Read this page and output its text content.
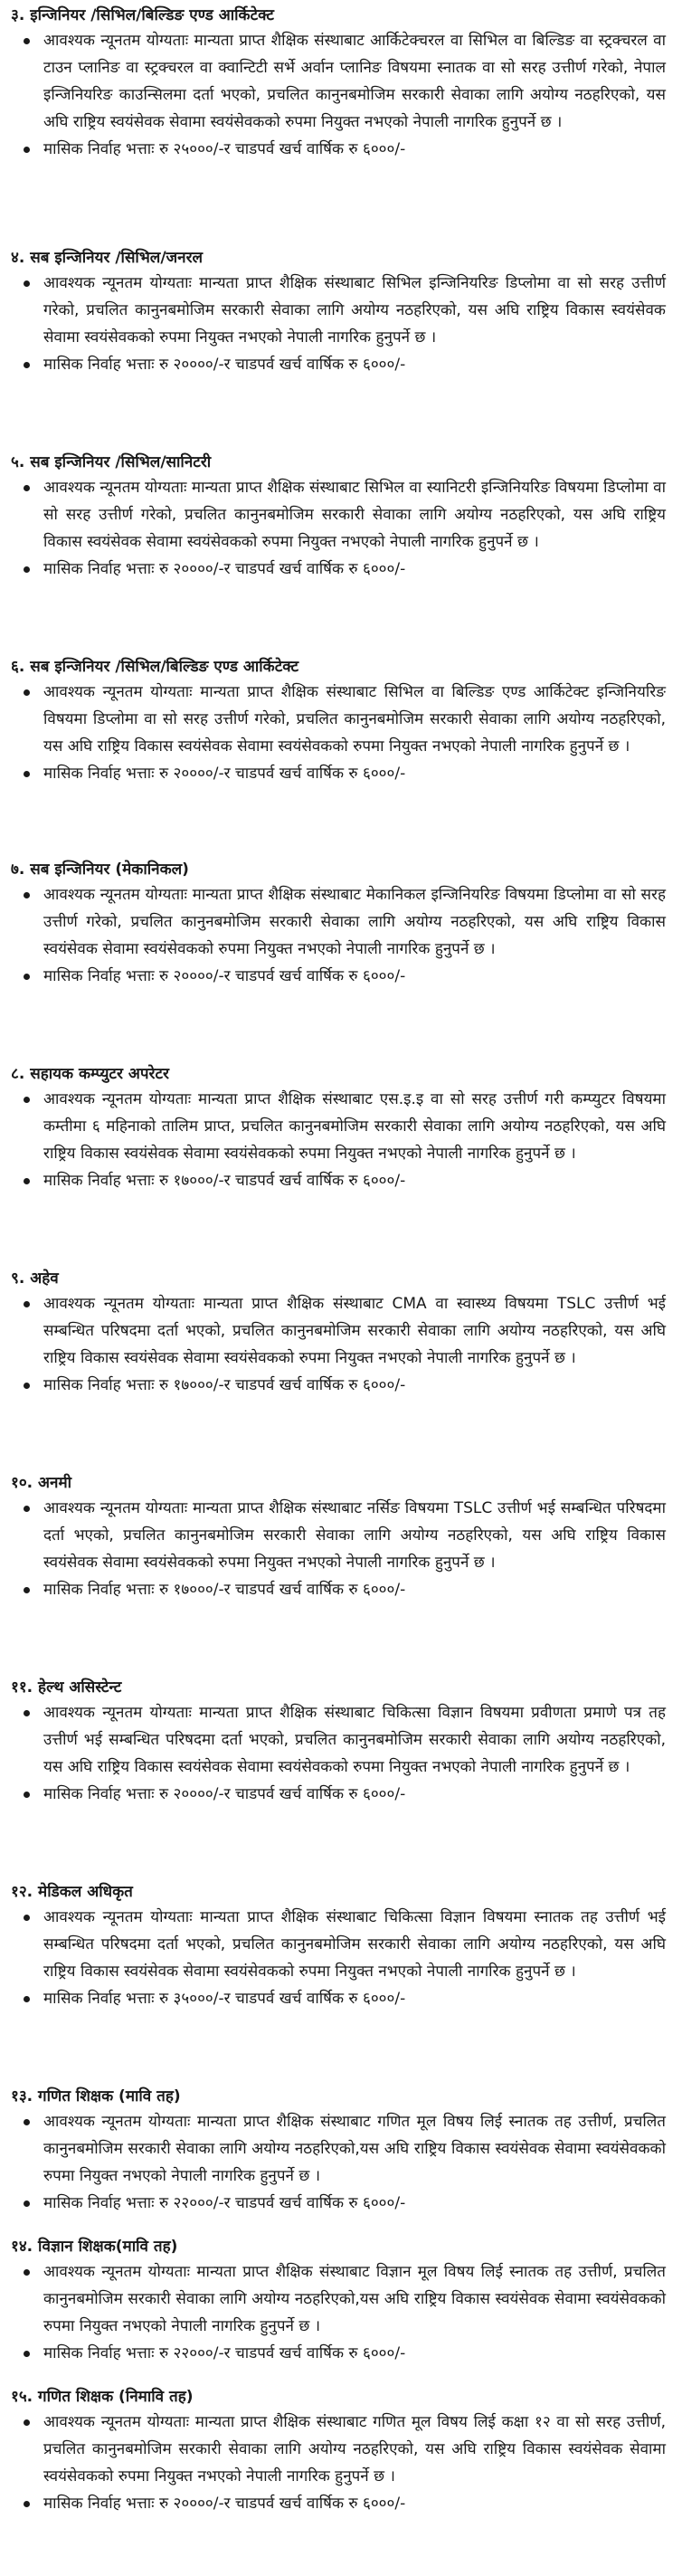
३. इन्जिनियर /सिभिल/बिल्डिङ एण्ड आर्किटेक्ट
आवश्यक न्यूनतम योग्यताः मान्यता प्राप्त शैक्षिक संस्थाबाट आर्किटेक्चरल वा सिभिल वा बिल्डिङ वा स्ट्रक्चरल वा टाउन प्लानिङ वा स्ट्रक्चरल वा क्वान्टिटी सर्भे अर्वान प्लानिङ विषयमा स्नातक वा सो सरह उत्तीर्ण गरेको, नेपाल इन्जिनियरिङ काउन्सिलमा दर्ता भएको, प्रचलित कानुनबमोजिम सरकारी सेवाका लागि अयोग्य नठहरिएको, यस अघि राष्ट्रिय स्वयंसेवक सेवामा स्वयंसेवकको रुपमा नियुक्त नभएको नेपाली नागरिक हुनुपर्ने छ ।
मासिक निर्वाह भत्ताः रु २५०००/-र चाडपर्व खर्च वार्षिक रु ६०००/-
४. सब इन्जिनियर /सिभिल/जनरल
आवश्यक न्यूनतम योग्यताः मान्यता प्राप्त शैक्षिक संस्थाबाट सिभिल इन्जिनियरिङ डिप्लोमा वा सो सरह उत्तीर्ण गरेको, प्रचलित कानुनबमोजिम सरकारी सेवाका लागि अयोग्य नठहरिएको, यस अघि राष्ट्रिय विकास स्वयंसेवक सेवामा स्वयंसेवकको रुपमा नियुक्त नभएको नेपाली नागरिक हुनुपर्ने छ ।
मासिक निर्वाह भत्ताः रु २००००/-र चाडपर्व खर्च वार्षिक रु ६०००/-
५. सब इन्जिनियर /सिभिल/सानिटरी
आवश्यक न्यूनतम योग्यताः मान्यता प्राप्त शैक्षिक संस्थाबाट सिभिल वा स्यानिटरी इन्जिनियरिङ विषयमा डिप्लोमा वा सो सरह उत्तीर्ण गरेको, प्रचलित कानुनबमोजिम सरकारी सेवाका लागि अयोग्य नठहरिएको, यस अघि राष्ट्रिय विकास स्वयंसेवक सेवामा स्वयंसेवकको रुपमा नियुक्त नभएको नेपाली नागरिक हुनुपर्ने छ ।
मासिक निर्वाह भत्ताः रु २००००/-र चाडपर्व खर्च वार्षिक रु ६०००/-
६. सब इन्जिनियर /सिभिल/बिल्डिङ एण्ड आर्किटेक्ट
आवश्यक न्यूनतम योग्यताः मान्यता प्राप्त शैक्षिक संस्थाबाट सिभिल वा बिल्डिङ एण्ड आर्किटेक्ट इन्जिनियरिङ विषयमा डिप्लोमा वा सो सरह उत्तीर्ण गरेको, प्रचलित कानुनबमोजिम सरकारी सेवाका लागि अयोग्य नठहरिएको, यस अघि राष्ट्रिय विकास स्वयंसेवक सेवामा स्वयंसेवकको रुपमा नियुक्त नभएको नेपाली नागरिक हुनुपर्ने छ ।
मासिक निर्वाह भत्ताः रु २००००/-र चाडपर्व खर्च वार्षिक रु ६०००/-
७. सब इन्जिनियर (मेकानिकल)
आवश्यक न्यूनतम योग्यताः मान्यता प्राप्त शैक्षिक संस्थाबाट मेकानिकल इन्जिनियरिङ विषयमा डिप्लोमा वा सो सरह उत्तीर्ण गरेको, प्रचलित कानुनबमोजिम सरकारी सेवाका लागि अयोग्य नठहरिएको, यस अघि राष्ट्रिय विकास स्वयंसेवक सेवामा स्वयंसेवकको रुपमा नियुक्त नभएको नेपाली नागरिक हुनुपर्ने छ ।
मासिक निर्वाह भत्ताः रु २००००/-र चाडपर्व खर्च वार्षिक रु ६०००/-
८. सहायक कम्प्युटर अपरेटर
आवश्यक न्यूनतम योग्यताः मान्यता प्राप्त शैक्षिक संस्थाबाट एस.इ.इ वा सो सरह उत्तीर्ण गरी कम्प्युटर विषयमा कम्तीमा ६ महिनाको तालिम प्राप्त, प्रचलित कानुनबमोजिम सरकारी सेवाका लागि अयोग्य नठहरिएको, यस अघि राष्ट्रिय विकास स्वयंसेवक सेवामा स्वयंसेवकको रुपमा नियुक्त नभएको नेपाली नागरिक हुनुपर्ने छ ।
मासिक निर्वाह भत्ताः रु १७०००/-र चाडपर्व खर्च वार्षिक रु ६०००/-
९. अहेव
आवश्यक न्यूनतम योग्यताः मान्यता प्राप्त शैक्षिक संस्थाबाट CMA वा स्वास्थ्य विषयमा TSLC उत्तीर्ण भई सम्बन्धित परिषदमा दर्ता भएको, प्रचलित कानुनबमोजिम सरकारी सेवाका लागि अयोग्य नठहरिएको, यस अघि राष्ट्रिय विकास स्वयंसेवक सेवामा स्वयंसेवकको रुपमा नियुक्त नभएको नेपाली नागरिक हुनुपर्ने छ ।
मासिक निर्वाह भत्ताः रु १७०००/-र चाडपर्व खर्च वार्षिक रु ६०००/-
१०. अनमी
आवश्यक न्यूनतम योग्यताः मान्यता प्राप्त शैक्षिक संस्थाबाट नर्सिङ विषयमा TSLC उत्तीर्ण भई सम्बन्धित परिषदमा दर्ता भएको, प्रचलित कानुनबमोजिम सरकारी सेवाका लागि अयोग्य नठहरिएको, यस अघि राष्ट्रिय विकास स्वयंसेवक सेवामा स्वयंसेवकको रुपमा नियुक्त नभएको नेपाली नागरिक हुनुपर्ने छ ।
मासिक निर्वाह भत्ताः रु १७०००/-र चाडपर्व खर्च वार्षिक रु ६०००/-
११. हेल्थ असिस्टेन्ट
आवश्यक न्यूनतम योग्यताः मान्यता प्राप्त शैक्षिक संस्थाबाट चिकित्सा विज्ञान विषयमा प्रवीणता प्रमाणे पत्र तह उत्तीर्ण भई सम्बन्धित परिषदमा दर्ता भएको, प्रचलित कानुनबमोजिम सरकारी सेवाका लागि अयोग्य नठहरिएको, यस अघि राष्ट्रिय विकास स्वयंसेवक सेवामा स्वयंसेवकको रुपमा नियुक्त नभएको नेपाली नागरिक हुनुपर्ने छ ।
मासिक निर्वाह भत्ताः रु २००००/-र चाडपर्व खर्च वार्षिक रु ६०००/-
१२. मेडिकल अधिकृत
आवश्यक न्यूनतम योग्यताः मान्यता प्राप्त शैक्षिक संस्थाबाट चिकित्सा विज्ञान विषयमा स्नातक तह उत्तीर्ण भई सम्बन्धित परिषदमा दर्ता भएको, प्रचलित कानुनबमोजिम सरकारी सेवाका लागि अयोग्य नठहरिएको, यस अघि राष्ट्रिय विकास स्वयंसेवक सेवामा स्वयंसेवकको रुपमा नियुक्त नभएको नेपाली नागरिक हुनुपर्ने छ ।
मासिक निर्वाह भत्ताः रु ३५०००/-र चाडपर्व खर्च वार्षिक रु ६०००/-
१३. गणित शिक्षक (मावि तह)
आवश्यक न्यूनतम योग्यताः मान्यता प्राप्त शैक्षिक संस्थाबाट गणित मूल विषय लिई स्नातक तह उत्तीर्ण, प्रचलित कानुनबमोजिम सरकारी सेवाका लागि अयोग्य नठहरिएको,यस अघि राष्ट्रिय विकास स्वयंसेवक सेवामा स्वयंसेवकको रुपमा नियुक्त नभएको नेपाली नागरिक हुनुपर्ने छ ।
मासिक निर्वाह भत्ताः रु २२०००/-र चाडपर्व खर्च वार्षिक रु ६०००/-
१४. विज्ञान शिक्षक(मावि तह)
आवश्यक न्यूनतम योग्यताः मान्यता प्राप्त शैक्षिक संस्थाबाट विज्ञान मूल विषय लिई स्नातक तह उत्तीर्ण, प्रचलित कानुनबमोजिम सरकारी सेवाका लागि अयोग्य नठहरिएको,यस अघि राष्ट्रिय विकास स्वयंसेवक सेवामा स्वयंसेवकको रुपमा नियुक्त नभएको नेपाली नागरिक हुनुपर्ने छ ।
मासिक निर्वाह भत्ताः रु २२०००/-र चाडपर्व खर्च वार्षिक रु ६०००/-
१५. गणित शिक्षक (निमावि तह)
आवश्यक न्यूनतम योग्यताः मान्यता प्राप्त शैक्षिक संस्थाबाट गणित मूल विषय लिई कक्षा १२ वा सो सरह उत्तीर्ण, प्रचलित कानुनबमोजिम सरकारी सेवाका लागि अयोग्य नठहरिएको, यस अघि राष्ट्रिय विकास स्वयंसेवक सेवामा स्वयंसेवकको रुपमा नियुक्त नभएको नेपाली नागरिक हुनुपर्ने छ ।
मासिक निर्वाह भत्ताः रु २००००/-र चाडपर्व खर्च वार्षिक रु ६०००/-
